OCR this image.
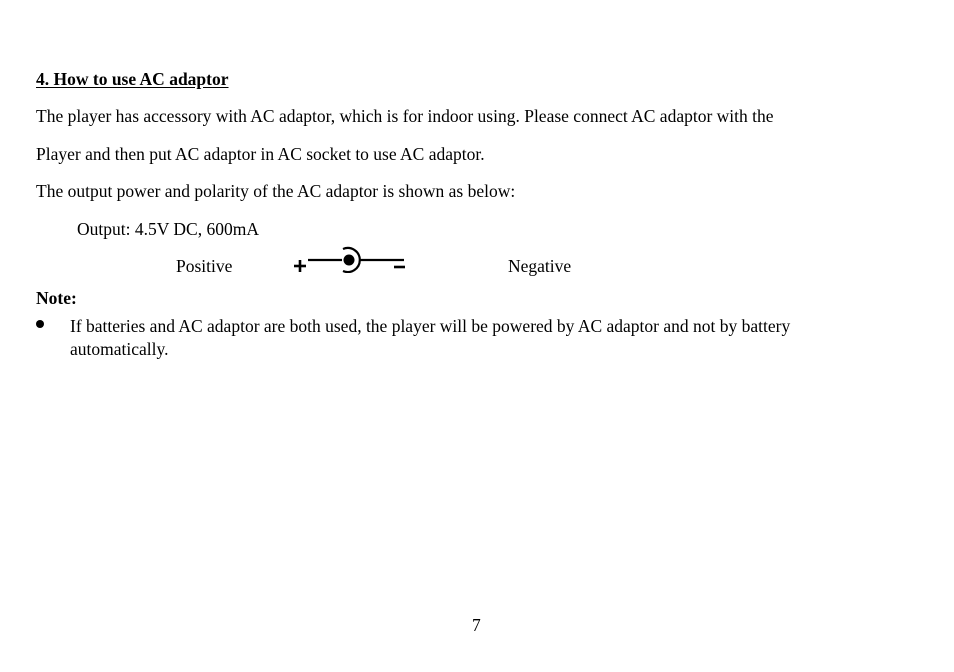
4. How to use AC adaptor
The player has accessory with AC adaptor, which is for indoor using. Please connect AC adaptor with the
Player and then put AC adaptor in AC socket to use AC adaptor.
The output power and polarity of the AC adaptor is shown as below:
Output: 4.5V DC, 600mA
Positive	Negative
Note:
If batteries and AC adaptor are both used, the player will be powered by AC adaptor and not by battery automatically.
7
